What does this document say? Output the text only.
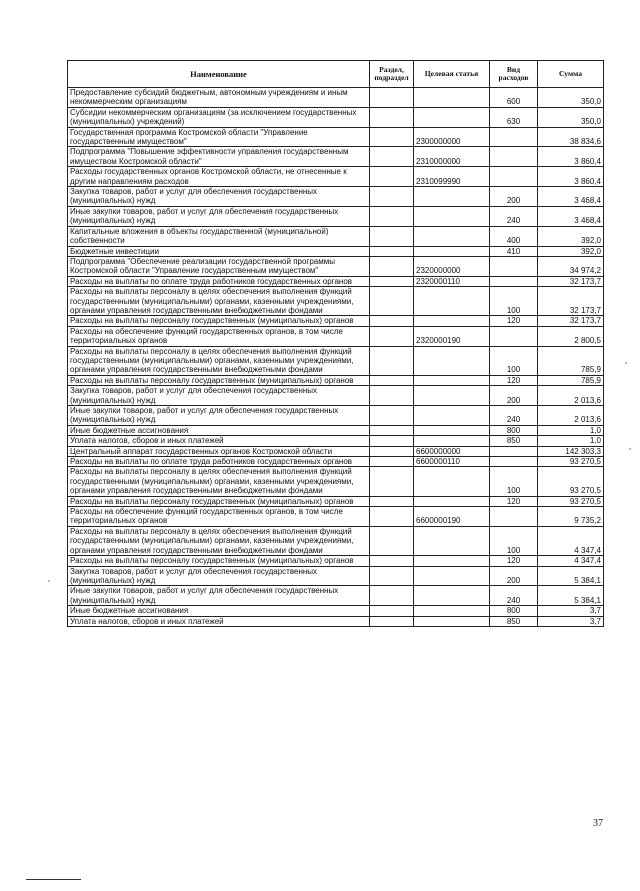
Наименование	Раздел, подраздел	Целевая статья	Вид расходов	Сумма
Предоставление субсидий бюджетным, автономным учреждениям и иным некоммерческим организациям			600	350,0
Субсидии некоммерческим организациям (за исключением государственных (муниципальных) учреждений)			630	350,0
Государственная программа Костромской области "Управление государственным имуществом"		2300000000		38 834,6
Подпрограмма "Повышение эффективности управления государственным имуществом Костромской области"		2310000000		3 860,4
Расходы государственных органов Костромской области, не отнесенные к другим направлениям расходов		2310099990		3 860,4
Закупка товаров, работ и услуг для обеспечения государственных (муниципальных) нужд			200	3 468,4
Иные закупки товаров, работ и услуг для обеспечения государственных (муниципальных) нужд			240	3 468,4
Капитальные вложения в объекты государственной (муниципальной) собственности			400	392,0
Бюджетные инвестиции			410	392,0
Подпрограмма "Обеспечение реализации государственной программы Костромской области "Управление государственным имуществом"		2320000000		34 974,2
Расходы на выплаты по оплате труда работников государственных органов		2320000110		32 173,7
Расходы на выплаты персоналу в целях обеспечения выполнения функций государственными (муниципальными) органами, казенными учреждениями, органами управления государственными внебюджетными фондами			100	32 173,7
Расходы на выплаты персоналу государственных (муниципальных) органов			120	32 173,7
Расходы на обеспечение функций государственных органов, в том числе территориальных органов		2320000190		2 800,5
Расходы на выплаты персоналу в целях обеспечения выполнения функций государственными (муниципальными) органами, казенными учреждениями, органами управления государственными внебюджетными фондами			100	785,9
Расходы на выплаты персоналу государственных (муниципальных) органов			120	785,9
Закупка товаров, работ и услуг для обеспечения государственных (муниципальных) нужд			200	2 013,6
Иные закупки товаров, работ и услуг для обеспечения государственных (муниципальных) нужд			240	2 013,6
Иные бюджетные ассигнования			800	1,0
Уплата налогов, сборов и иных платежей			850	1,0
Центральный аппарат государственных органов Костромской области		6600000000		142 303,3
Расходы на выплаты по оплате труда работников государственных органов		6600000110		93 270,5
Расходы на выплаты персоналу в целях обеспечения выполнения функций государственными (муниципальными) органами, казенными учреждениями, органами управления государственными внебюджетными фондами			100	93 270,5
Расходы на выплаты персоналу государственных (муниципальных) органов			120	93 270,5
Расходы на обеспечение функций государственных органов, в том числе территориальных органов		6600000190		9 735,2
Расходы на выплаты персоналу в целях обеспечения выполнения функций государственными (муниципальными) органами, казенными учреждениями, органами управления государственными внебюджетными фондами			100	4 347,4
Расходы на выплаты персоналу государственных (муниципальных) органов			120	4 347,4
Закупка товаров, работ и услуг для обеспечения государственных (муниципальных) нужд			200	5 384,1
Иные закупки товаров, работ и услуг для обеспечения государственных (муниципальных) нужд			240	5 384,1
Иные бюджетные ассигнования			800	3,7
Уплата налогов, сборов и иных платежей			850	3,7
37
